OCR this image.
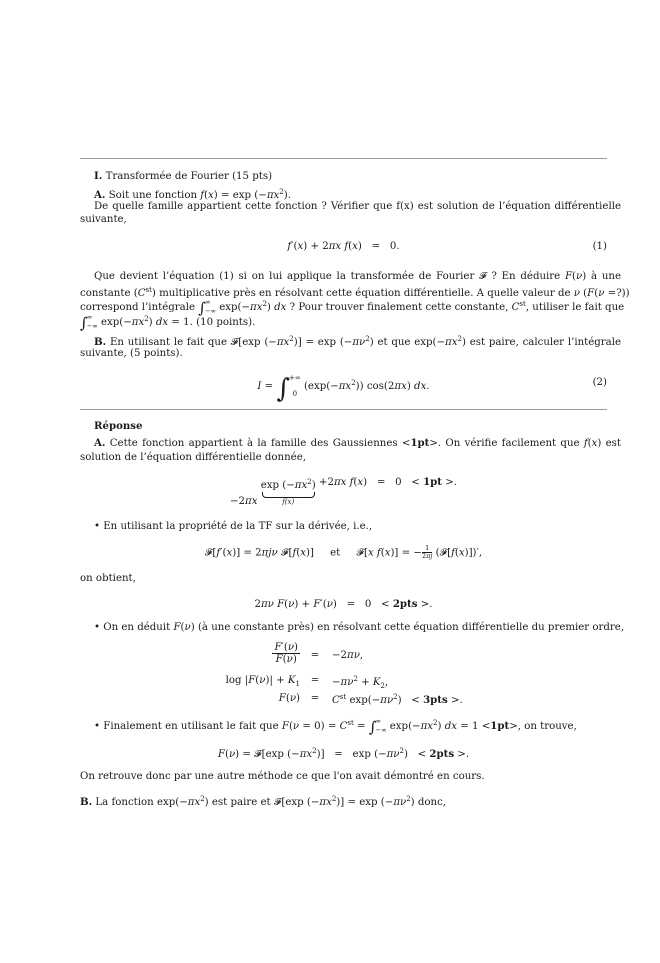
I. Transformée de Fourier (15 pts)
A. Soit une fonction $f(x) = \exp (-\pi x^2)$.
De quelle famille appartient cette fonction ? Vérifier que f(x) est solution de l’équation différentielle
suivante,
f′(x) + 2πx f(x)   =   0.	(1)
Que devient l’équation (1) si on lui applique la transformée de Fourier 𝓕 ? En déduire F(ν) à une
constante (Cst) multiplicative près en résolvant cette équation différentielle. A quelle valeur de ν (F(ν =?))
correspond l’intégrale ∫∞
−∞ $\exp(-\pi x^2)$ dx ? Pour trouver finalement cette constante, Cst, utiliser le fait que
∫∞
−∞ $\exp(-\pi x^2)$ dx = 1. (10 points).
B. En utilisant le fait que 𝓕[exp $(-\pi x^2)] = \exp (-\pi\nu^2)$ et que $\exp(-\pi x^2)$ est paire, calculer l’intégrale
suivante, (5 points).
I = ∫+∞
0 $(\exp(-\pi x^2))$ cos(2πx) dx.	(2)
Réponse
A. Cette fonction appartient à la famille des Gaussiennes <1pt>. On vérifie facilement que f(x) est
solution de l’équation différentielle donnée,
−2πx $\exp (-\pi x^2)$
f(x)
+2πx f(x)   =   0   < 1pt >.
• En utilisant la propriété de la TF sur la dérivée, i.e.,
𝓕[f′(x)] = 2πjν 𝓕[f(x)]     et     𝓕[x f(x)] = − $\frac{1}{2\pi j}$ (𝓕[f(x)])′,
on obtient,
2πν F(ν) + F′(ν)   =   0   < 2pts >.
• On en déduit F(ν) (à une constante près) en résolvant cette équation différentielle du premier ordre,
$\frac{F'(\nu)}{F(\nu)}$	=	−2πν,
$\log |F(\nu)| + K_1$	=	$-\pi\nu^2 + K_2$,
F(ν)	=	Cst $\exp(-\pi\nu^2) < 3pts$ >.
• Finalement en utilisant le fait que F(ν = 0) = Cst = ∫∞
−∞ $\exp(-\pi x^2)$ dx = 1 <1pt>, on trouve,
F(ν) = 𝓕[exp $(-\pi x^2)] = \exp (-\pi\nu^2) < 2pts$ >.
On retrouve donc par une autre méthode ce que l'on avait démontré en cours.
B. La fonction $\exp(-\pi x^2)$ est paire et 𝓕[exp $(-\pi x^2)] = \exp (-\pi\nu^2)$ donc,
